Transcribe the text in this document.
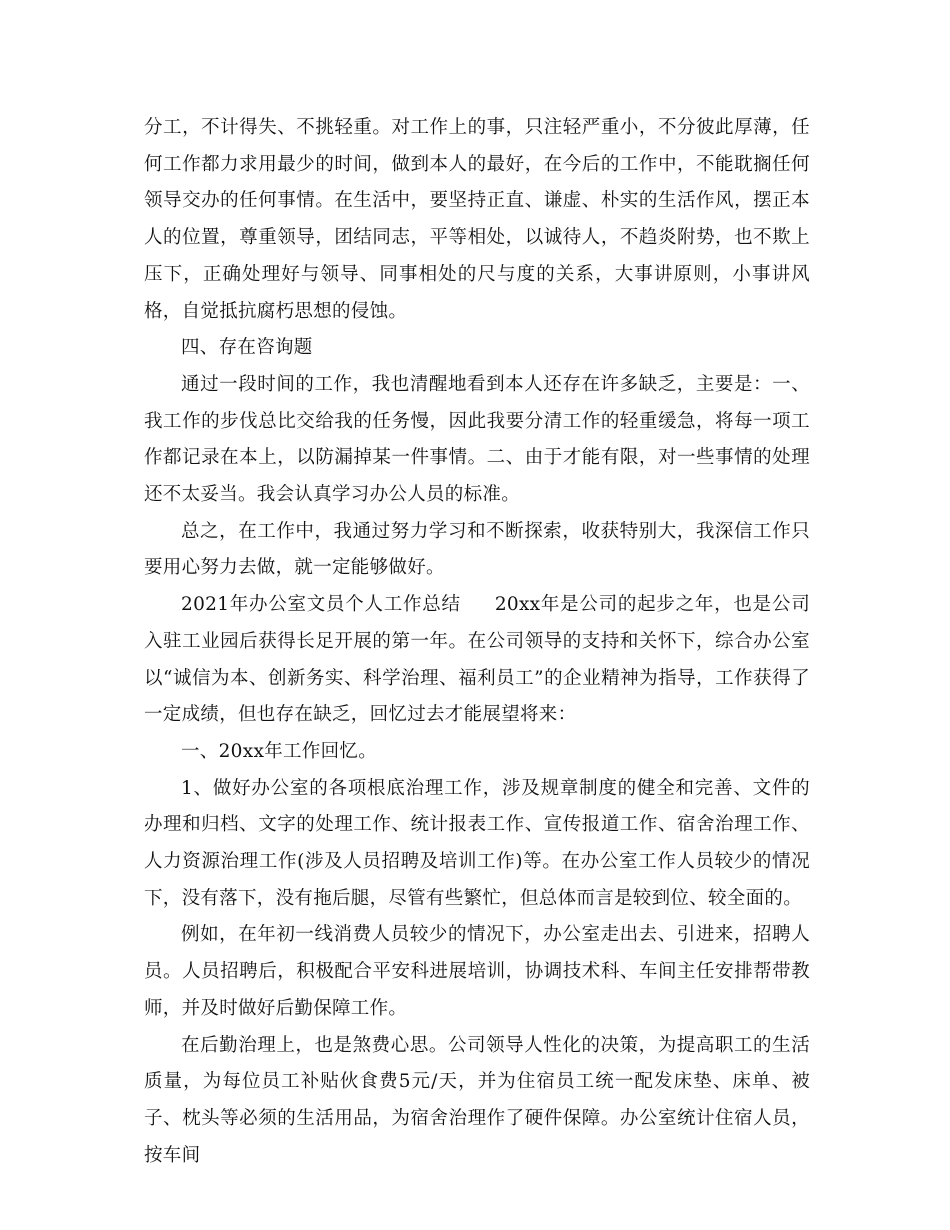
分工，不计得失、不挑轻重。对工作上的事，只注轻严重小，不分彼此厚薄，任何工作都力求用最少的时间，做到本人的最好，在今后的工作中，不能耽搁任何领导交办的任何事情。在生活中，要坚持正直、谦虚、朴实的生活作风，摆正本人的位置，尊重领导，团结同志，平等相处，以诚待人，不趋炎附势，也不欺上压下，正确处理好与领导、同事相处的尺与度的关系，大事讲原则，小事讲风格，自觉抵抗腐朽思想的侵蚀。

四、存在咨询题

通过一段时间的工作，我也清醒地看到本人还存在许多缺乏，主要是：一、我工作的步伐总比交给我的任务慢，因此我要分清工作的轻重缓急，将每一项工作都记录在本上，以防漏掉某一件事情。二、由于才能有限，对一些事情的处理还不太妥当。我会认真学习办公人员的标准。

总之，在工作中，我通过努力学习和不断探索，收获特别大，我深信工作只要用心努力去做，就一定能够做好。

2021年办公室文员个人工作总结 20xx年是公司的起步之年，也是公司入驻工业园后获得长足开展的第一年。在公司领导的支持和关怀下，综合办公室以“诚信为本、创新务实、科学治理、福利员工”的企业精神为指导，工作获得了一定成绩，但也存在缺乏，回忆过去才能展望将来：

一、20xx年工作回忆。

1、做好办公室的各项根底治理工作，涉及规章制度的健全和完善、文件的办理和归档、文字的处理工作、统计报表工作、宣传报道工作、宿舍治理工作、人力资源治理工作(涉及人员招聘及培训工作)等。在办公室工作人员较少的情况下，没有落下，没有拖后腿，尽管有些繁忙，但总体而言是较到位、较全面的。

例如，在年初一线消费人员较少的情况下，办公室走出去、引进来，招聘人员。人员招聘后，积极配合平安科进展培训，协调技术科、车间主任安排帮带教师，并及时做好后勤保障工作。

在后勤治理上，也是煞费心思。公司领导人性化的决策，为提高职工的生活质量，为每位员工补贴伙食费5元/天，并为住宿员工统一配发床垫、床单、被子、枕头等必须的生活用品，为宿舍治理作了硬件保障。办公室统计住宿人员，按车间
